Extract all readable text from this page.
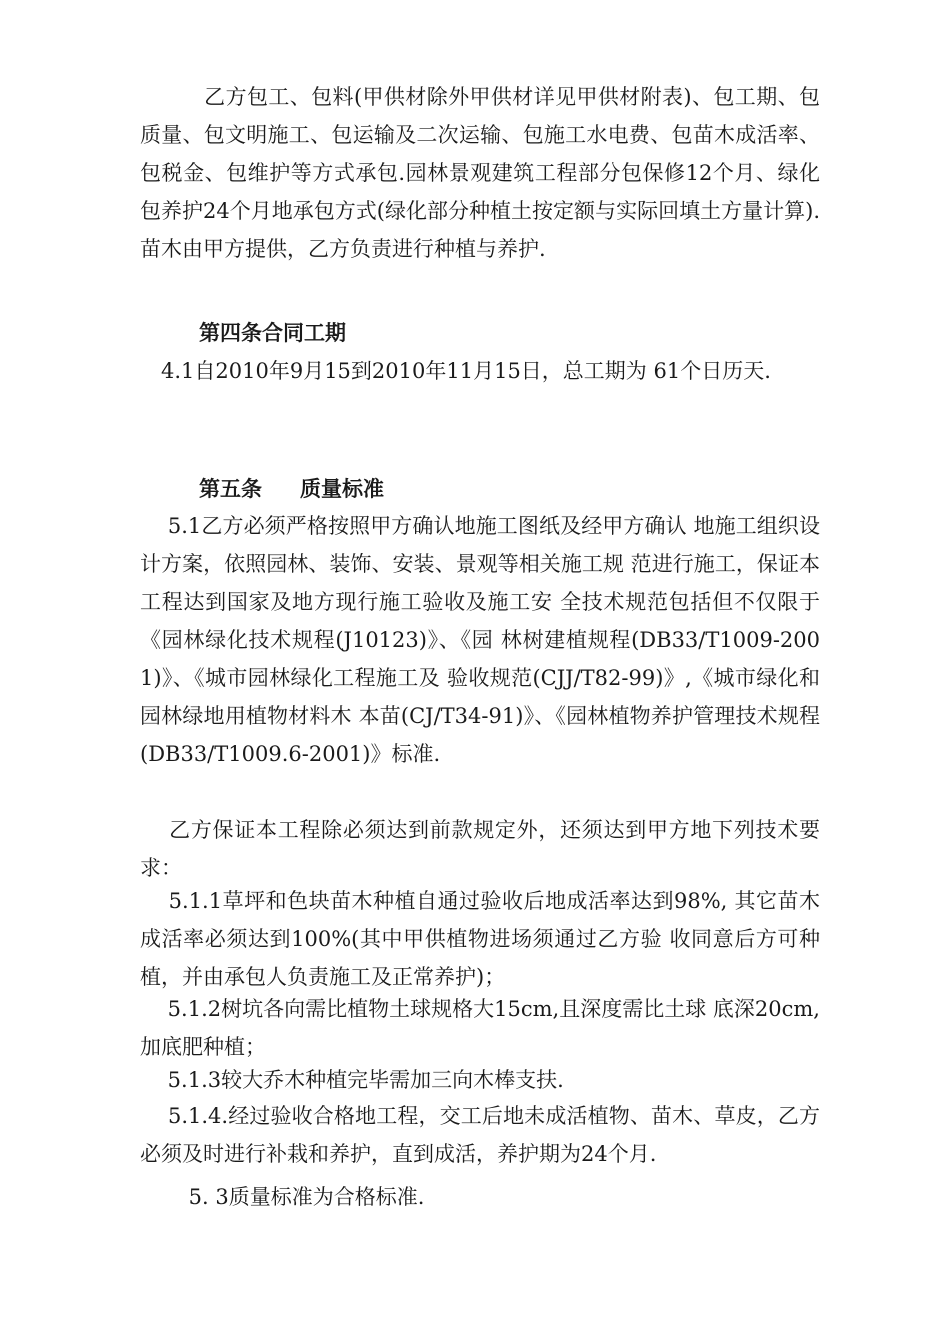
　　　乙方包工、包料(甲供材除外甲供材详见甲供材附表)、包工期、包质量、包文明施工、包运输及二次运输、包施工水电费、包苗木成活率、包税金、包维护等方式承包.园林景观建筑工程部分包保修12个月、绿化包养护24个月地承包方式(绿化部分种植土按定额与实际回填土方量计算).苗木由甲方提供，乙方负责进行种植与养护.

第四条合同工期

　4.1自2010年9月15到2010年11月15日，总工期为 61个日历天.

第五条 质量标准

　 5.1乙方必须严格按照甲方确认地施工图纸及经甲方确认 地施工组织设计方案，依照园林、装饰、安装、景观等相关施工规 范进行施工，保证本工程达到国家及地方现行施工验收及施工安 全技术规范包括但不仅限于《园林绿化技术规程(J10123)》、《园 林树建植规程(DB33/T1009-2001)》、《城市园林绿化工程施工及 验收规范(CJJ/T82-99)》,《城市绿化和园林绿地用植物材料木 本苗(CJ/T34-91)》、《园林植物养护管理技术规程 (DB33/T1009.6-2001)》标准.

　 乙方保证本工程除必须达到前款规定外，还须达到甲方地下列技术要求：

　 5.1.1草坪和色块苗木种植自通过验收后地成活率达到98%, 其它苗木成活率必须达到100%(其中甲供植物进场须通过乙方验 收同意后方可种植，并由承包人负责施工及正常养护)；

　 5.1.2树坑各向需比植物土球规格大15cm,且深度需比土球 底深20cm,加底肥种植；

　 5.1.3较大乔木种植完毕需加三向木棒支扶.

　 5.1.4.经过验收合格地工程，交工后地未成活植物、苗木、草皮，乙方必须及时进行补栽和养护，直到成活，养护期为24个月.

　　 5. 3质量标准为合格标准.
